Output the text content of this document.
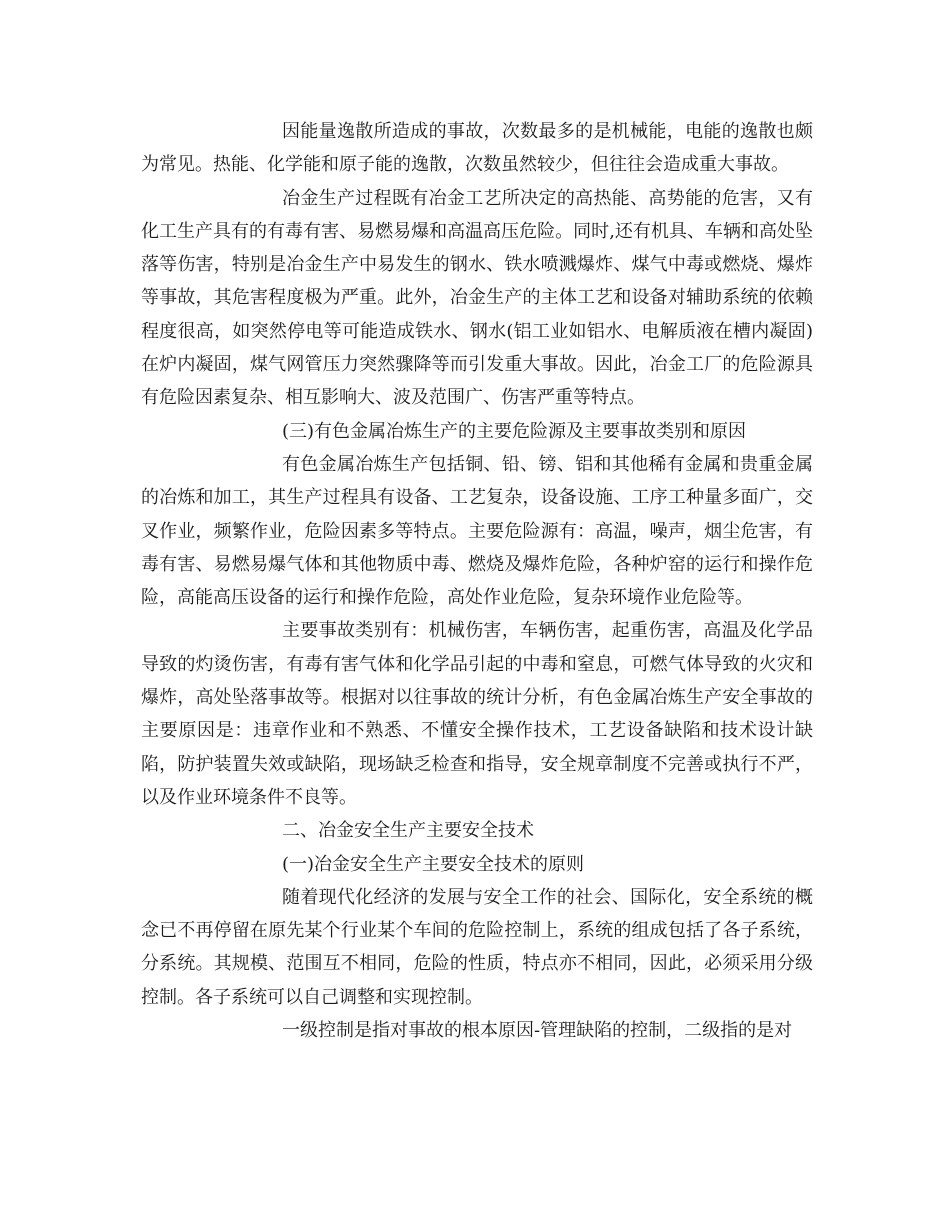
因能量逸散所造成的事故，次数最多的是机械能，电能的逸散也颇为常见。热能、化学能和原子能的逸散，次数虽然较少，但往往会造成重大事故。

冶金生产过程既有冶金工艺所决定的高热能、高势能的危害，又有化工生产具有的有毒有害、易燃易爆和高温高压危险。同时,还有机具、车辆和高处坠落等伤害，特别是冶金生产中易发生的钢水、铁水喷溅爆炸、煤气中毒或燃烧、爆炸等事故，其危害程度极为严重。此外，冶金生产的主体工艺和设备对辅助系统的依赖程度很高，如突然停电等可能造成铁水、钢水(铝工业如铝水、电解质液在槽内凝固)在炉内凝固，煤气网管压力突然骤降等而引发重大事故。因此，冶金工厂的危险源具有危险因素复杂、相互影响大、波及范围广、伤害严重等特点。

(三)有色金属冶炼生产的主要危险源及主要事故类别和原因

有色金属冶炼生产包括铜、铅、镑、铝和其他稀有金属和贵重金属的冶炼和加工，其生产过程具有设备、工艺复杂，设备设施、工序工种量多面广，交叉作业，频繁作业，危险因素多等特点。主要危险源有：高温，噪声，烟尘危害，有毒有害、易燃易爆气体和其他物质中毒、燃烧及爆炸危险，各种炉窑的运行和操作危险，高能高压设备的运行和操作危险，高处作业危险，复杂环境作业危险等。

主要事故类别有：机械伤害，车辆伤害，起重伤害，高温及化学品导致的灼烫伤害，有毒有害气体和化学品引起的中毒和窒息，可燃气体导致的火灾和爆炸，高处坠落事故等。根据对以往事故的统计分析，有色金属冶炼生产安全事故的主要原因是：违章作业和不熟悉、不懂安全操作技术，工艺设备缺陷和技术设计缺陷，防护装置失效或缺陷，现场缺乏检查和指导，安全规章制度不完善或执行不严，以及作业环境条件不良等。

二、冶金安全生产主要安全技术

(一)冶金安全生产主要安全技术的原则

随着现代化经济的发展与安全工作的社会、国际化，安全系统的概念已不再停留在原先某个行业某个车间的危险控制上，系统的组成包括了各子系统，分系统。其规模、范围互不相同，危险的性质，特点亦不相同，因此，必须采用分级控制。各子系统可以自己调整和实现控制。

一级控制是指对事故的根本原因-管理缺陷的控制，二级指的是对
